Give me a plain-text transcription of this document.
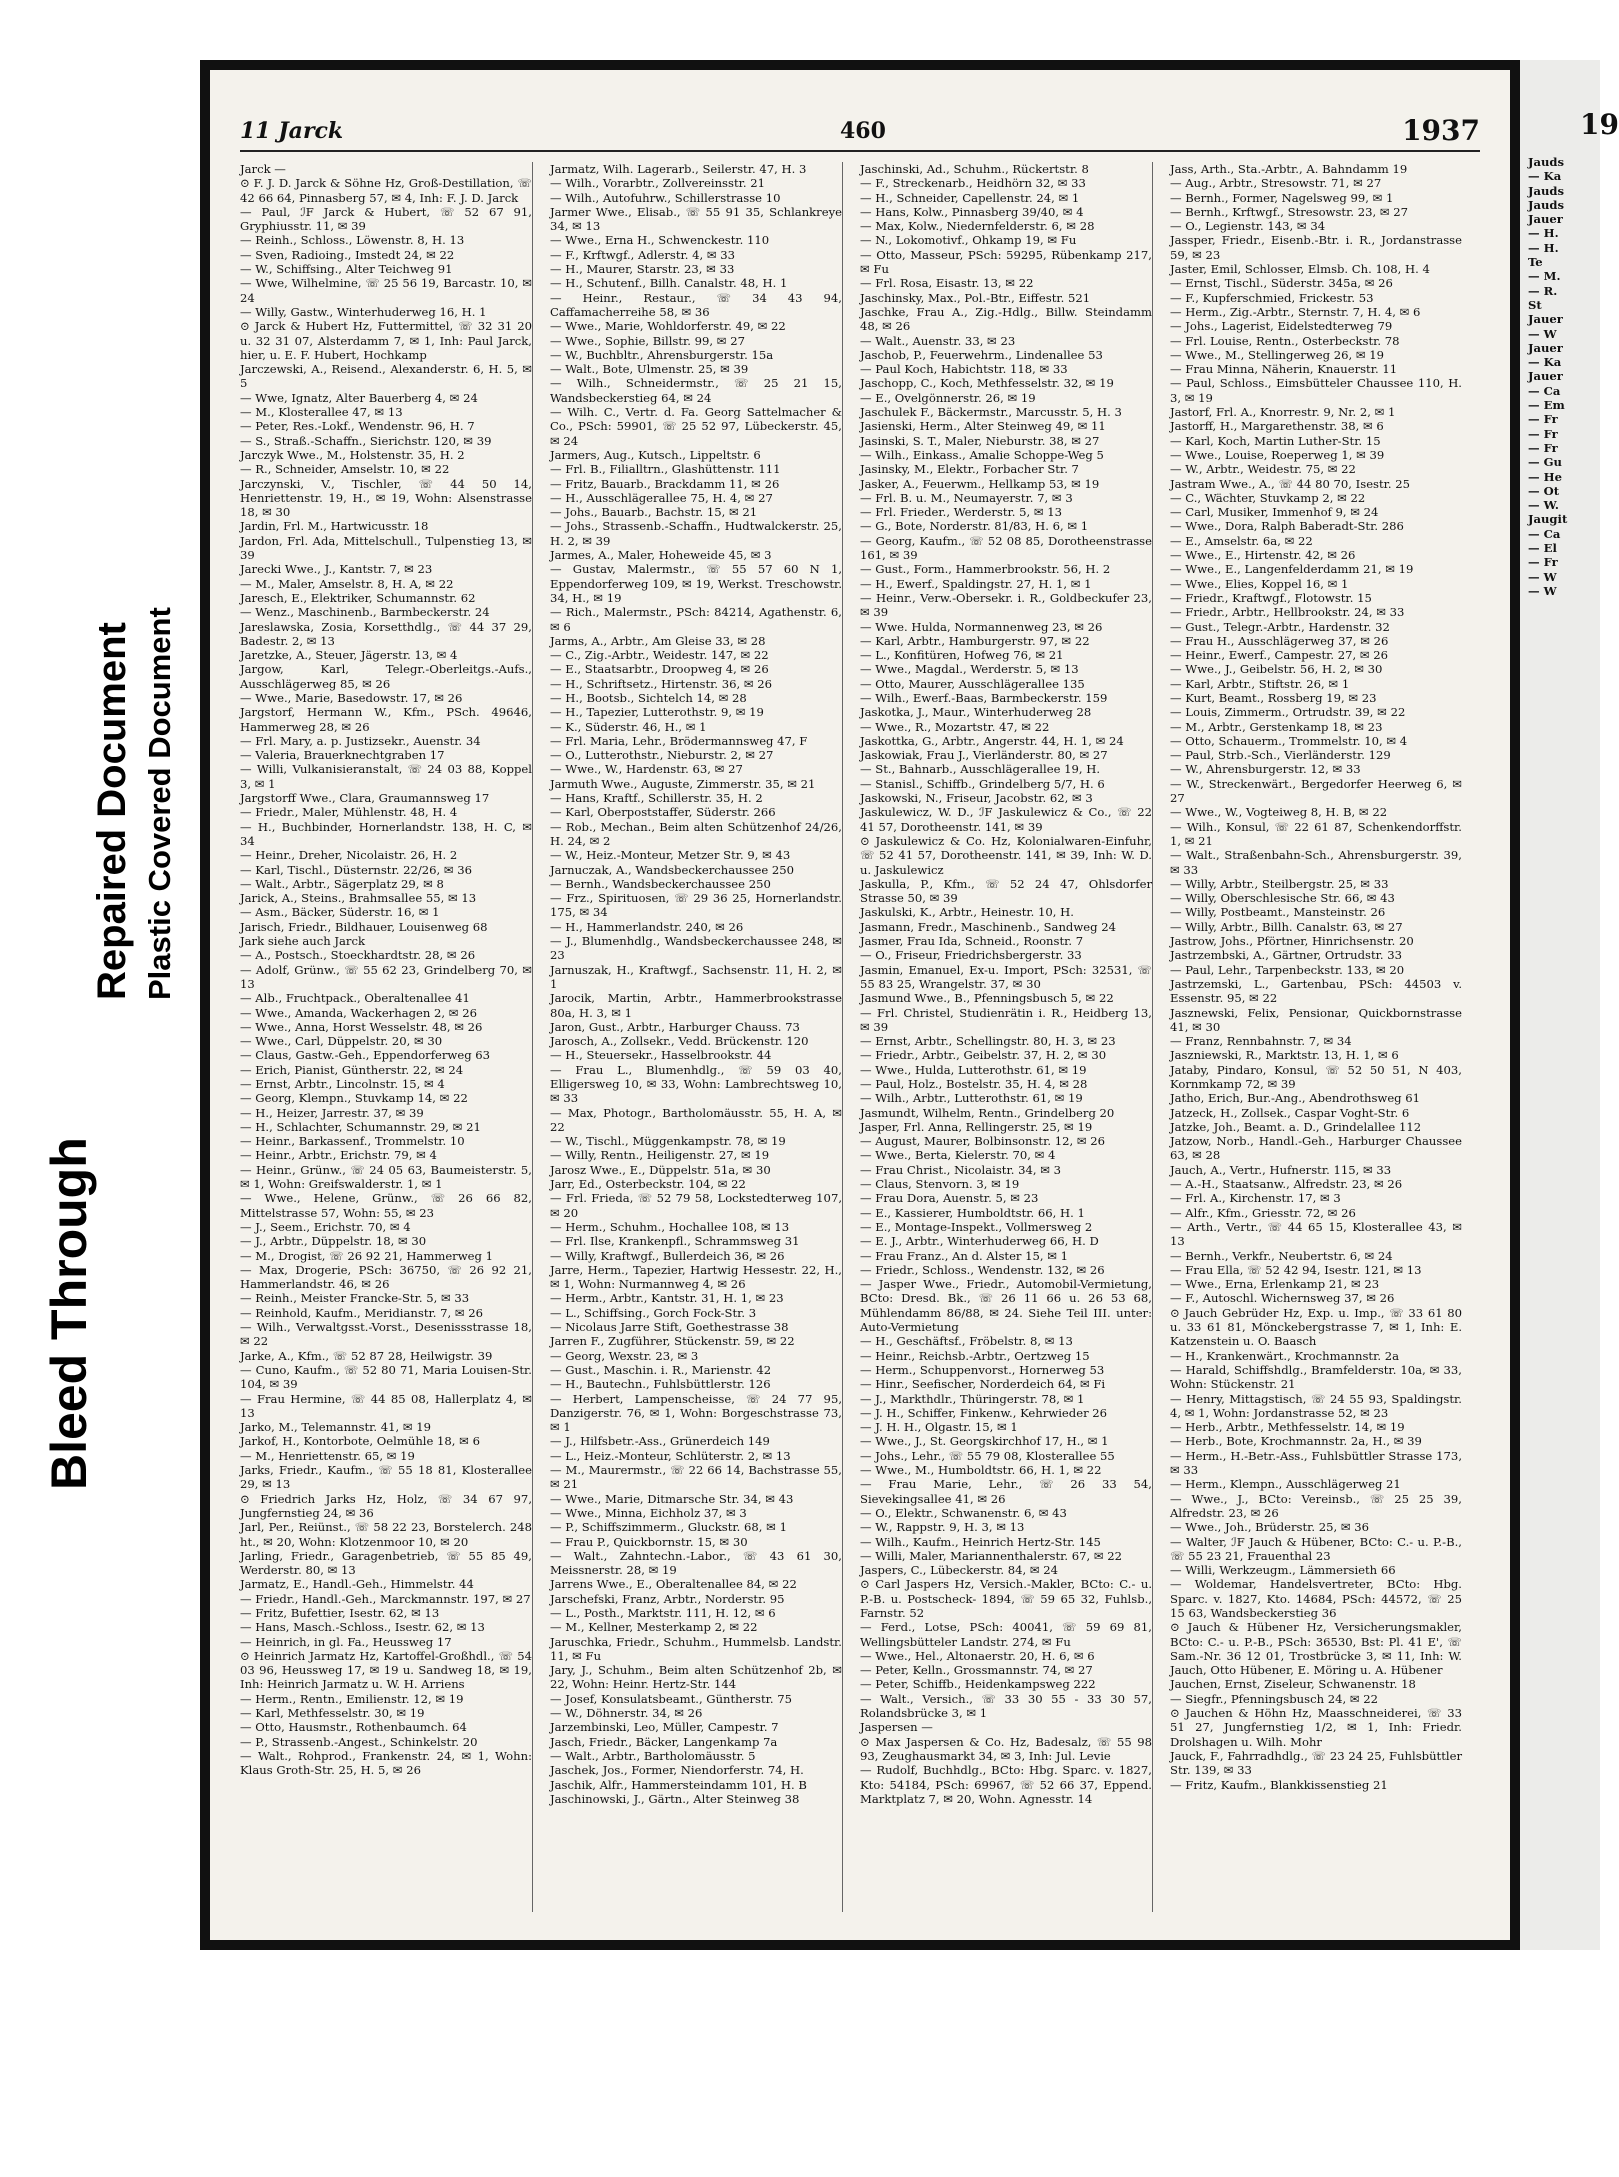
Bleed Through
Repaired Document Plastic Covered Document
11 Jarck	460	1937
Jarck —
⊙ F. J. D. Jarck & Söhne Hz, Groß-Destillation, ☏ 42 66 64, Pinnasberg 57, ✉ 4, Inh: F. J. D. Jarck
— Paul, ℐF Jarck & Hubert, ☏ 52 67 91, Gryphiusstr. 11, ✉ 39
— Reinh., Schloss., Löwenstr. 8, H. 13
— Sven, Radioing., Imstedt 24, ✉ 22
— W., Schiffsing., Alter Teichweg 91
— Wwe, Wilhelmine, ☏ 25 56 19, Barcastr. 10, ✉ 24
— Willy, Gastw., Winterhuderweg 16, H. 1
⊙ Jarck & Hubert Hz, Futtermittel, ☏ 32 31 20 u. 32 31 07, Alsterdamm 7, ✉ 1, Inh: Paul Jarck, hier, u. E. F. Hubert, Hochkamp
Jarczewski, A., Reisend., Alexanderstr. 6, H. 5, ✉ 5
— Wwe, Ignatz, Alter Bauerberg 4, ✉ 24
— M., Klosterallee 47, ✉ 13
— Peter, Res.-Lokf., Wendenstr. 96, H. 7
— S., Straß.-Schaffn., Sierichstr. 120, ✉ 39
Jarczyk Wwe., M., Holstenstr. 35, H. 2
— R., Schneider, Amselstr. 10, ✉ 22
Jarczynski, V., Tischler, ☏ 44 50 14, Henriettenstr. 19, H., ✉ 19, Wohn: Alsenstrasse 18, ✉ 30
Jardin, Frl. M., Hartwicusstr. 18
Jardon, Frl. Ada, Mittelschull., Tulpenstieg 13, ✉ 39
Jarecki Wwe., J., Kantstr. 7, ✉ 23
— M., Maler, Amselstr. 8, H. A, ✉ 22
Jaresch, E., Elektriker, Schumannstr. 62
— Wenz., Maschinenb., Barmbeckerstr. 24
Jareslawska, Zosia, Korsetthdlg., ☏ 44 37 29, Badestr. 2, ✉ 13
Jaretzke, A., Steuer, Jägerstr. 13, ✉ 4
Jargow, Karl, Telegr.-Oberleitgs.-Aufs., Ausschlägerweg 85, ✉ 26
— Wwe., Marie, Basedowstr. 17, ✉ 26
Jargstorf, Hermann W., Kfm., PSch. 49646, Hammerweg 28, ✉ 26
— Frl. Mary, a. p. Justizsekr., Auenstr. 34
— Valeria, Brauerknechtgraben 17
— Willi, Vulkanisieranstalt, ☏ 24 03 88, Koppel 3, ✉ 1
Jargstorff Wwe., Clara, Graumannsweg 17
— Friedr., Maler, Mühlenstr. 48, H. 4
— H., Buchbinder, Hornerlandstr. 138, H. C, ✉ 34
— Heinr., Dreher, Nicolaistr. 26, H. 2
— Karl, Tischl., Düsternstr. 22/26, ✉ 36
— Walt., Arbtr., Sägerplatz 29, ✉ 8
Jarick, A., Steins., Brahmsallee 55, ✉ 13
— Asm., Bäcker, Süderstr. 16, ✉ 1
Jarisch, Friedr., Bildhauer, Louisenweg 68
Jark siehe auch Jarck
— A., Postsch., Stoeckhardtstr. 28, ✉ 26
— Adolf, Grünw., ☏ 55 62 23, Grindelberg 70, ✉ 13
— Alb., Fruchtpack., Oberaltenallee 41
— Wwe., Amanda, Wackerhagen 2, ✉ 26
— Wwe., Anna, Horst Wesselstr. 48, ✉ 26
— Wwe., Carl, Düppelstr. 20, ✉ 30
— Claus, Gastw.-Geh., Eppendorferweg 63
— Erich, Pianist, Güntherstr. 22, ✉ 24
— Ernst, Arbtr., Lincolnstr. 15, ✉ 4
— Georg, Klempn., Stuvkamp 14, ✉ 22
— H., Heizer, Jarrestr. 37, ✉ 39
— H., Schlachter, Schumannstr. 29, ✉ 21
— Heinr., Barkassenf., Trommelstr. 10
— Heinr., Arbtr., Erichstr. 79, ✉ 4
— Heinr., Grünw., ☏ 24 05 63, Baumeisterstr. 5, ✉ 1, Wohn: Greifswalderstr. 1, ✉ 1
— Wwe., Helene, Grünw., ☏ 26 66 82, Mittelstrasse 57, Wohn: 55, ✉ 23
— J., Seem., Erichstr. 70, ✉ 4
— J., Arbtr., Düppelstr. 18, ✉ 30
— M., Drogist, ☏ 26 92 21, Hammerweg 1
— Max, Drogerie, PSch: 36750, ☏ 26 92 21, Hammerlandstr. 46, ✉ 26
— Reinh., Meister Francke-Str. 5, ✉ 33
— Reinhold, Kaufm., Meridianstr. 7, ✉ 26
— Wilh., Verwaltgsst.-Vorst., Desenissstrasse 18, ✉ 22
Jarke, A., Kfm., ☏ 52 87 28, Heilwigstr. 39
— Cuno, Kaufm., ☏ 52 80 71, Maria Louisen-Str. 104, ✉ 39
— Frau Hermine, ☏ 44 85 08, Hallerplatz 4, ✉ 13
Jarko, M., Telemannstr. 41, ✉ 19
Jarkof, H., Kontorbote, Oelmühle 18, ✉ 6
— M., Henriettenstr. 65, ✉ 19
Jarks, Friedr., Kaufm., ☏ 55 18 81, Klosterallee 29, ✉ 13
⊙ Friedrich Jarks Hz, Holz, ☏ 34 67 97, Jungfernstieg 24, ✉ 36
Jarl, Per., Reiünst., ☏ 58 22 23, Borstelerch. 248 ht., ✉ 20, Wohn: Klotzenmoor 10, ✉ 20
Jarling, Friedr., Garagenbetrieb, ☏ 55 85 49, Werderstr. 80, ✉ 13
Jarmatz, E., Handl.-Geh., Himmelstr. 44
— Friedr., Handl.-Geh., Marckmannstr. 197, ✉ 27
— Fritz, Bufettier, Isestr. 62, ✉ 13
— Hans, Masch.-Schloss., Isestr. 62, ✉ 13
— Heinrich, in gl. Fa., Heussweg 17
⊙ Heinrich Jarmatz Hz, Kartoffel-Großhdl., ☏ 54 03 96, Heussweg 17, ✉ 19 u. Sandweg 18, ✉ 19, Inh: Heinrich Jarmatz u. W. H. Arriens
— Herm., Rentn., Emilienstr. 12, ✉ 19
— Karl, Methfesselstr. 30, ✉ 19
— Otto, Hausmstr., Rothenbaumch. 64
— P., Strassenb.-Angest., Schinkelstr. 20
— Walt., Rohprod., Frankenstr. 24, ✉ 1, Wohn: Klaus Groth-Str. 25, H. 5, ✉ 26
Jarmatz, Wilh. Lagerarb., Seilerstr. 47, H. 3
— Wilh., Vorarbtr., Zollvereinsstr. 21
— Wilh., Autofuhrw., Schillerstrasse 10
Jarmer Wwe., Elisab., ☏ 55 91 35, Schlankreye 34, ✉ 13
— Wwe., Erna H., Schwenckestr. 110
— F., Krftwgf., Adlerstr. 4, ✉ 33
— H., Maurer, Starstr. 23, ✉ 33
— H., Schutenf., Billh. Canalstr. 48, H. 1
— Heinr., Restaur., ☏ 34 43 94, Caffamacherreihe 58, ✉ 36
— Wwe., Marie, Wohldorferstr. 49, ✉ 22
— Wwe., Sophie, Billstr. 99, ✉ 27
— W., Buchbltr., Ahrensburgerstr. 15a
— Walt., Bote, Ulmenstr. 25, ✉ 39
— Wilh., Schneidermstr., ☏ 25 21 15, Wandsbeckerstieg 64, ✉ 24
— Wilh. C., Vertr. d. Fa. Georg Sattelmacher & Co., PSch: 59901, ☏ 25 52 97, Lübeckerstr. 45, ✉ 24
Jarmers, Aug., Kutsch., Lippeltstr. 6
— Frl. B., Filialltrn., Glashüttenstr. 111
— Fritz, Bauarb., Brackdamm 11, ✉ 26
— H., Ausschlägerallee 75, H. 4, ✉ 27
— Johs., Bauarb., Bachstr. 15, ✉ 21
— Johs., Strassenb.-Schaffn., Hudtwalckerstr. 25, H. 2, ✉ 39
Jarmes, A., Maler, Hoheweide 45, ✉ 3
— Gustav, Malermstr., ☏ 55 57 60 N 1, Eppendorferweg 109, ✉ 19, Werkst. Treschowstr. 34, H., ✉ 19
— Rich., Malermstr., PSch: 84214, Agathenstr. 6, ✉ 6
Jarms, A., Arbtr., Am Gleise 33, ✉ 28
— C., Zig.-Arbtr., Weidestr. 147, ✉ 22
— E., Staatsarbtr., Droopweg 4, ✉ 26
— H., Schriftsetz., Hirtenstr. 36, ✉ 26
— H., Bootsb., Sichtelch 14, ✉ 28
— H., Tapezier, Lutterothstr. 9, ✉ 19
— K., Süderstr. 46, H., ✉ 1
— Frl. Maria, Lehr., Brödermannsweg 47, F
— O., Lutterothstr., Nieburstr. 2, ✉ 27
— Wwe., W., Hardenstr. 63, ✉ 27
Jarmuth Wwe., Auguste, Zimmerstr. 35, ✉ 21
— Hans, Kraftf., Schillerstr. 35, H. 2
— Karl, Oberpoststaffer, Süderstr. 266
— Rob., Mechan., Beim alten Schützenhof 24/26, H. 24, ✉ 2
— W., Heiz.-Monteur, Metzer Str. 9, ✉ 43
Jarnuczak, A., Wandsbeckerchaussee 250
— Bernh., Wandsbeckerchaussee 250
— Frz., Spirituosen, ☏ 29 36 25, Hornerlandstr. 175, ✉ 34
— H., Hammerlandstr. 240, ✉ 26
— J., Blumenhdlg., Wandsbeckerchaussee 248, ✉ 23
Jarnuszak, H., Kraftwgf., Sachsenstr. 11, H. 2, ✉ 1
Jarocik, Martin, Arbtr., Hammerbrookstrasse 80a, H. 3, ✉ 1
Jaron, Gust., Arbtr., Harburger Chauss. 73
Jarosch, A., Zollsekr., Vedd. Brückenstr. 120
— H., Steuersekr., Hasselbrookstr. 44
— Frau L., Blumenhdlg., ☏ 59 03 40, Elligersweg 10, ✉ 33, Wohn: Lambrechtsweg 10, ✉ 33
— Max, Photogr., Bartholomäusstr. 55, H. A, ✉ 22
— W., Tischl., Müggenkampstr. 78, ✉ 19
— Willy, Rentn., Heiligenstr. 27, ✉ 19
Jarosz Wwe., E., Düppelstr. 51a, ✉ 30
Jarr, Ed., Osterbeckstr. 104, ✉ 22
— Frl. Frieda, ☏ 52 79 58, Lockstedterweg 107, ✉ 20
— Herm., Schuhm., Hochallee 108, ✉ 13
— Frl. Ilse, Krankenpfl., Schrammsweg 31
— Willy, Kraftwgf., Bullerdeich 36, ✉ 26
Jarre, Herm., Tapezier, Hartwig Hessestr. 22, H., ✉ 1, Wohn: Nurmannweg 4, ✉ 26
— Herm., Arbtr., Kantstr. 31, H. 1, ✉ 23
— L., Schiffsing., Gorch Fock-Str. 3
— Nicolaus Jarre Stift, Goethestrasse 38
Jarren F., Zugführer, Stückenstr. 59, ✉ 22
— Georg, Wexstr. 23, ✉ 3
— Gust., Maschin. i. R., Marienstr. 42
— H., Bautechn., Fuhlsbüttlerstr. 126
— Herbert, Lampenscheisse, ☏ 24 77 95, Danzigerstr. 76, ✉ 1, Wohn: Borgeschstrasse 73, ✉ 1
— J., Hilfsbetr.-Ass., Grünerdeich 149
— L., Heiz.-Monteur, Schlüterstr. 2, ✉ 13
— M., Maurermstr., ☏ 22 66 14, Bachstrasse 55, ✉ 21
— Wwe., Marie, Ditmarsche Str. 34, ✉ 43
— Wwe., Minna, Eichholz 37, ✉ 3
— P., Schiffszimmerm., Gluckstr. 68, ✉ 1
— Frau P., Quickbornstr. 15, ✉ 30
— Walt., Zahntechn.-Labor., ☏ 43 61 30, Meissnerstr. 28, ✉ 19
Jarrens Wwe., E., Oberaltenallee 84, ✉ 22
Jarschefski, Franz, Arbtr., Norderstr. 95
— L., Posth., Marktstr. 111, H. 12, ✉ 6
— M., Kellner, Mesterkamp 2, ✉ 22
Jaruschka, Friedr., Schuhm., Hummelsb. Landstr. 11, ✉ Fu
Jary, J., Schuhm., Beim alten Schützenhof 2b, ✉ 22, Wohn: Heinr. Hertz-Str. 144
— Josef, Konsulatsbeamt., Güntherstr. 75
— W., Döhnerstr. 34, ✉ 26
Jarzembinski, Leo, Müller, Campestr. 7
Jasch, Friedr., Bäcker, Langenkamp 7a
— Walt., Arbtr., Bartholomäusstr. 5
Jaschek, Jos., Former, Niendorferstr. 74, H.
Jaschik, Alfr., Hammersteindamm 101, H. B
Jaschinowski, J., Gärtn., Alter Steinweg 38
Jaschinski, Ad., Schuhm., Rückertstr. 8
— F., Streckenarb., Heidhörn 32, ✉ 33
— H., Schneider, Capellenstr. 24, ✉ 1
— Hans, Kolw., Pinnasberg 39/40, ✉ 4
— Max, Kolw., Niedernfelderstr. 6, ✉ 28
— N., Lokomotivf., Ohkamp 19, ✉ Fu
— Otto, Masseur, PSch: 59295, Rübenkamp 217, ✉ Fu
— Frl. Rosa, Eisastr. 13, ✉ 22
Jaschinsky, Max., Pol.-Btr., Eiffestr. 521
Jaschke, Frau A., Zig.-Hdlg., Billw. Steindamm 48, ✉ 26
— Walt., Auenstr. 33, ✉ 23
Jaschob, P., Feuerwehrm., Lindenallee 53
— Paul Koch, Habichtstr. 118, ✉ 33
Jaschopp, C., Koch, Methfesselstr. 32, ✉ 19
— E., Ovelgönnerstr. 26, ✉ 19
Jaschulek F., Bäckermstr., Marcusstr. 5, H. 3
Jasienski, Herm., Alter Steinweg 49, ✉ 11
Jasinski, S. T., Maler, Nieburstr. 38, ✉ 27
— Wilh., Einkass., Amalie Schoppe-Weg 5
Jasinsky, M., Elektr., Forbacher Str. 7
Jasker, A., Feuerwm., Hellkamp 53, ✉ 19
— Frl. B. u. M., Neumayerstr. 7, ✉ 3
— Frl. Frieder., Werderstr. 5, ✉ 13
— G., Bote, Norderstr. 81/83, H. 6, ✉ 1
— Georg, Kaufm., ☏ 52 08 85, Dorotheenstrasse 161, ✉ 39
— Gust., Form., Hammerbrookstr. 56, H. 2
— H., Ewerf., Spaldingstr. 27, H. 1, ✉ 1
— Heinr., Verw.-Obersekr. i. R., Goldbeckufer 23, ✉ 39
— Wwe. Hulda, Normannenweg 23, ✉ 26
— Karl, Arbtr., Hamburgerstr. 97, ✉ 22
— L., Konfitüren, Hofweg 76, ✉ 21
— Wwe., Magdal., Werderstr. 5, ✉ 13
— Otto, Maurer, Ausschlägerallee 135
— Wilh., Ewerf.-Baas, Barmbeckerstr. 159
Jaskotka, J., Maur., Winterhuderweg 28
— Wwe., R., Mozartstr. 47, ✉ 22
Jaskottka, G., Arbtr., Angerstr. 44, H. 1, ✉ 24
Jaskowiak, Frau J., Vierländerstr. 80, ✉ 27
— St., Bahnarb., Ausschlägerallee 19, H.
— Stanisl., Schiffb., Grindelberg 5/7, H. 6
Jaskowski, N., Friseur, Jacobstr. 62, ✉ 3
Jaskulewicz, W. D., ℐF Jaskulewicz & Co., ☏ 22 41 57, Dorotheenstr. 141, ✉ 39
⊙ Jaskulewicz & Co. Hz, Kolonialwaren-Einfuhr, ☏ 52 41 57, Dorotheenstr. 141, ✉ 39, Inh: W. D. u. Jaskulewicz
Jaskulla, P., Kfm., ☏ 52 24 47, Ohlsdorfer Strasse 50, ✉ 39
Jaskulski, K., Arbtr., Heinestr. 10, H.
Jasmann, Fredr., Maschinenb., Sandweg 24
Jasmer, Frau Ida, Schneid., Roonstr. 7
— O., Friseur, Friedrichsbergerstr. 33
Jasmin, Emanuel, Ex-u. Import, PSch: 32531, ☏ 55 83 25, Wrangelstr. 37, ✉ 30
Jasmund Wwe., B., Pfenningsbusch 5, ✉ 22
— Frl. Christel, Studienrätin i. R., Heidberg 13, ✉ 39
— Ernst, Arbtr., Schellingstr. 80, H. 3, ✉ 23
— Friedr., Arbtr., Geibelstr. 37, H. 2, ✉ 30
— Wwe., Hulda, Lutterothstr. 61, ✉ 19
— Paul, Holz., Bostelstr. 35, H. 4, ✉ 28
— Wilh., Arbtr., Lutterothstr. 61, ✉ 19
Jasmundt, Wilhelm, Rentn., Grindelberg 20
Jasper, Frl. Anna, Rellingerstr. 25, ✉ 19
— August, Maurer, Bolbinsonstr. 12, ✉ 26
— Wwe., Berta, Kielerstr. 70, ✉ 4
— Frau Christ., Nicolaistr. 34, ✉ 3
— Claus, Stenvorn. 3, ✉ 19
— Frau Dora, Auenstr. 5, ✉ 23
— E., Kassierer, Humboldtstr. 66, H. 1
— E., Montage-Inspekt., Vollmersweg 2
— E. J., Arbtr., Winterhuderweg 66, H. D
— Frau Franz., An d. Alster 15, ✉ 1
— Friedr., Schloss., Wendenstr. 132, ✉ 26
— Jasper Wwe., Friedr., Automobil-Vermietung, BCto: Dresd. Bk., ☏ 26 11 66 u. 26 53 68, Mühlendamm 86/88, ✉ 24. Siehe Teil III. unter: Auto-Vermietung
— H., Geschäftsf., Fröbelstr. 8, ✉ 13
— Heinr., Reichsb.-Arbtr., Oertzweg 15
— Herm., Schuppenvorst., Hornerweg 53
— Hinr., Seefischer, Norderdeich 64, ✉ Fi
— J., Markthdlr., Thüringerstr. 78, ✉ 1
— J. H., Schiffer, Finkenw., Kehrwieder 26
— J. H. H., Olgastr. 15, ✉ 1
— Wwe., J., St. Georgskirchhof 17, H., ✉ 1
— Johs., Lehr., ☏ 55 79 08, Klosterallee 55
— Wwe., M., Humboldtstr. 66, H. 1, ✉ 22
— Frau Marie, Lehr., ☏ 26 33 54, Sievekingsallee 41, ✉ 26
— O., Elektr., Schwanenstr. 6, ✉ 43
— W., Rappstr. 9, H. 3, ✉ 13
— Wilh., Kaufm., Heinrich Hertz-Str. 145
— Willi, Maler, Mariannenthalerstr. 67, ✉ 22
Jaspers, C., Lübeckerstr. 84, ✉ 24
⊙ Carl Jaspers Hz, Versich.-Makler, BCto: C.- u. P.-B. u. Postscheck- 1894, ☏ 59 65 32, Fuhlsb., Farnstr. 52
— Ferd., Lotse, PSch: 40041, ☏ 59 69 81, Wellingsbütteler Landstr. 274, ✉ Fu
— Wwe., Hel., Altonaerstr. 20, H. 6, ✉ 6
— Peter, Kelln., Grossmannstr. 74, ✉ 27
— Peter, Schiffb., Heidenkampsweg 222
— Walt., Versich., ☏ 33 30 55 - 33 30 57, Rolandsbrücke 3, ✉ 1
Jaspersen —
⊙ Max Jaspersen & Co. Hz, Badesalz, ☏ 55 98 93, Zeughausmarkt 34, ✉ 3, Inh: Jul. Levie
— Rudolf, Buchhdlg., BCto: Hbg. Sparc. v. 1827, Kto: 54184, PSch: 69967, ☏ 52 66 37, Eppend. Marktplatz 7, ✉ 20, Wohn. Agnesstr. 14
Jass, Arth., Sta.-Arbtr., A. Bahndamm 19
— Aug., Arbtr., Stresowstr. 71, ✉ 27
— Bernh., Former, Nagelsweg 99, ✉ 1
— Bernh., Krftwgf., Stresowstr. 23, ✉ 27
— O., Legienstr. 143, ✉ 34
Jassper, Friedr., Eisenb.-Btr. i. R., Jordanstrasse 59, ✉ 23
Jaster, Emil, Schlosser, Elmsb. Ch. 108, H. 4
— Ernst, Tischl., Süderstr. 345a, ✉ 26
— F., Kupferschmied, Frickestr. 53
— Herm., Zig.-Arbtr., Sternstr. 7, H. 4, ✉ 6
— Johs., Lagerist, Eidelstedterweg 79
— Frl. Louise, Rentn., Osterbeckstr. 78
— Wwe., M., Stellingerweg 26, ✉ 19
— Frau Minna, Näherin, Knauerstr. 11
— Paul, Schloss., Eimsbütteler Chaussee 110, H. 3, ✉ 19
Jastorf, Frl. A., Knorrestr. 9, Nr. 2, ✉ 1
Jastorff, H., Margarethenstr. 38, ✉ 6
— Karl, Koch, Martin Luther-Str. 15
— Wwe., Louise, Roeperweg 1, ✉ 39
— W., Arbtr., Weidestr. 75, ✉ 22
Jastram Wwe., A., ☏ 44 80 70, Isestr. 25
— C., Wächter, Stuvkamp 2, ✉ 22
— Carl, Musiker, Immenhof 9, ✉ 24
— Wwe., Dora, Ralph Baberadt-Str. 286
— E., Amselstr. 6a, ✉ 22
— Wwe., E., Hirtenstr. 42, ✉ 26
— Wwe., E., Langenfelderdamm 21, ✉ 19
— Wwe., Elies, Koppel 16, ✉ 1
— Friedr., Kraftwgf., Flotowstr. 15
— Friedr., Arbtr., Hellbrookstr. 24, ✉ 33
— Gust., Telegr.-Arbtr., Hardenstr. 32
— Frau H., Ausschlägerweg 37, ✉ 26
— Heinr., Ewerf., Campestr. 27, ✉ 26
— Wwe., J., Geibelstr. 56, H. 2, ✉ 30
— Karl, Arbtr., Stiftstr. 26, ✉ 1
— Kurt, Beamt., Rossberg 19, ✉ 23
— Louis, Zimmerm., Ortrudstr. 39, ✉ 22
— M., Arbtr., Gerstenkamp 18, ✉ 23
— Otto, Schauerm., Trommelstr. 10, ✉ 4
— Paul, Strb.-Sch., Vierländerstr. 129
— W., Ahrensburgerstr. 12, ✉ 33
— W., Streckenwärt., Bergedorfer Heerweg 6, ✉ 27
— Wwe., W., Vogteiweg 8, H. B, ✉ 22
— Wilh., Konsul, ☏ 22 61 87, Schenkendorffstr. 1, ✉ 21
— Walt., Straßenbahn-Sch., Ahrensburgerstr. 39, ✉ 33
— Willy, Arbtr., Steilbergstr. 25, ✉ 33
— Willy, Oberschlesische Str. 66, ✉ 43
— Willy, Postbeamt., Mansteinstr. 26
— Willy, Arbtr., Billh. Canalstr. 63, ✉ 27
Jastrow, Johs., Pförtner, Hinrichsenstr. 20
Jastrzembski, A., Gärtner, Ortrudstr. 33
— Paul, Lehr., Tarpenbeckstr. 133, ✉ 20
Jastrzemski, L., Gartenbau, PSch: 44503 v. Essenstr. 95, ✉ 22
Jasznewski, Felix, Pensionar, Quickbornstrasse 41, ✉ 30
— Franz, Rennbahnstr. 7, ✉ 34
Jaszniewski, R., Marktstr. 13, H. 1, ✉ 6
Jataby, Pindaro, Konsul, ☏ 52 50 51, N 403, Kornmkamp 72, ✉ 39
Jatho, Erich, Bur.-Ang., Abendrothsweg 61
Jatzeck, H., Zollsek., Caspar Voght-Str. 6
Jatzke, Joh., Beamt. a. D., Grindelallee 112
Jatzow, Norb., Handl.-Geh., Harburger Chaussee 63, ✉ 28
Jauch, A., Vertr., Hufnerstr. 115, ✉ 33
— A.-H., Staatsanw., Alfredstr. 23, ✉ 26
— Frl. A., Kirchenstr. 17, ✉ 3
— Alfr., Kfm., Griesstr. 72, ✉ 26
— Arth., Vertr., ☏ 44 65 15, Klosterallee 43, ✉ 13
— Bernh., Verkfr., Neubertstr. 6, ✉ 24
— Frau Ella, ☏ 52 42 94, Isestr. 121, ✉ 13
— Wwe., Erna, Erlenkamp 21, ✉ 23
— F., Autoschl. Wichernsweg 37, ✉ 26
⊙ Jauch Gebrüder Hz, Exp. u. Imp., ☏ 33 61 80 u. 33 61 81, Mönckebergstrasse 7, ✉ 1, Inh: E. Katzenstein u. O. Baasch
— H., Krankenwärt., Krochmannstr. 2a
— Harald, Schiffshdlg., Bramfelderstr. 10a, ✉ 33, Wohn: Stückenstr. 21
— Henry, Mittagstisch, ☏ 24 55 93, Spaldingstr. 4, ✉ 1, Wohn: Jordanstrasse 52, ✉ 23
— Herb., Arbtr., Methfesselstr. 14, ✉ 19
— Herb., Bote, Krochmannstr. 2a, H., ✉ 39
— Herm., H.-Betr.-Ass., Fuhlsbüttler Strasse 173, ✉ 33
— Herm., Klempn., Ausschlägerweg 21
— Wwe., J., BCto: Vereinsb., ☏ 25 25 39, Alfredstr. 23, ✉ 26
— Wwe., Joh., Brüderstr. 25, ✉ 36
— Walter, ℐF Jauch & Hübener, BCto: C.- u. P.-B., ☏ 55 23 21, Frauenthal 23
— Willi, Werkzeugm., Lämmersieth 66
— Woldemar, Handelsvertreter, BCto: Hbg. Sparc. v. 1827, Kto. 14684, PSch: 44572, ☏ 25 15 63, Wandsbeckerstieg 36
⊙ Jauch & Hübener Hz, Versicherungsmakler, BCto: C.- u. P.-B., PSch: 36530, Bst: Pl. 41 E', ☏ Sam.-Nr. 36 12 01, Trostbrücke 3, ✉ 11, Inh: W. Jauch, Otto Hübener, E. Möring u. A. Hübener
Jauchen, Ernst, Ziseleur, Schwanenstr. 18
— Siegfr., Pfenningsbusch 24, ✉ 22
⊙ Jauchen & Höhn Hz, Maasschneiderei, ☏ 33 51 27, Jungfernstieg 1/2, ✉ 1, Inh: Friedr. Drolshagen u. Wilh. Mohr
Jauck, F., Fahrradhdlg., ☏ 23 24 25, Fuhlsbüttler Str. 139, ✉ 33
— Fritz, Kaufm., Blankkissenstieg 21
19
Jauds
— Ka
Jauds
Jauds
Jauer
— H.
— H.
Te
— M.
— R.
St
Jauer
— W
Jauer
— Ka
Jauer
— Ca
— Em
— Fr
— Fr
— Fr
— Gu
— He
— Ot
— W.
Jaugit
— Ca
— El
— Fr
— W
— W
